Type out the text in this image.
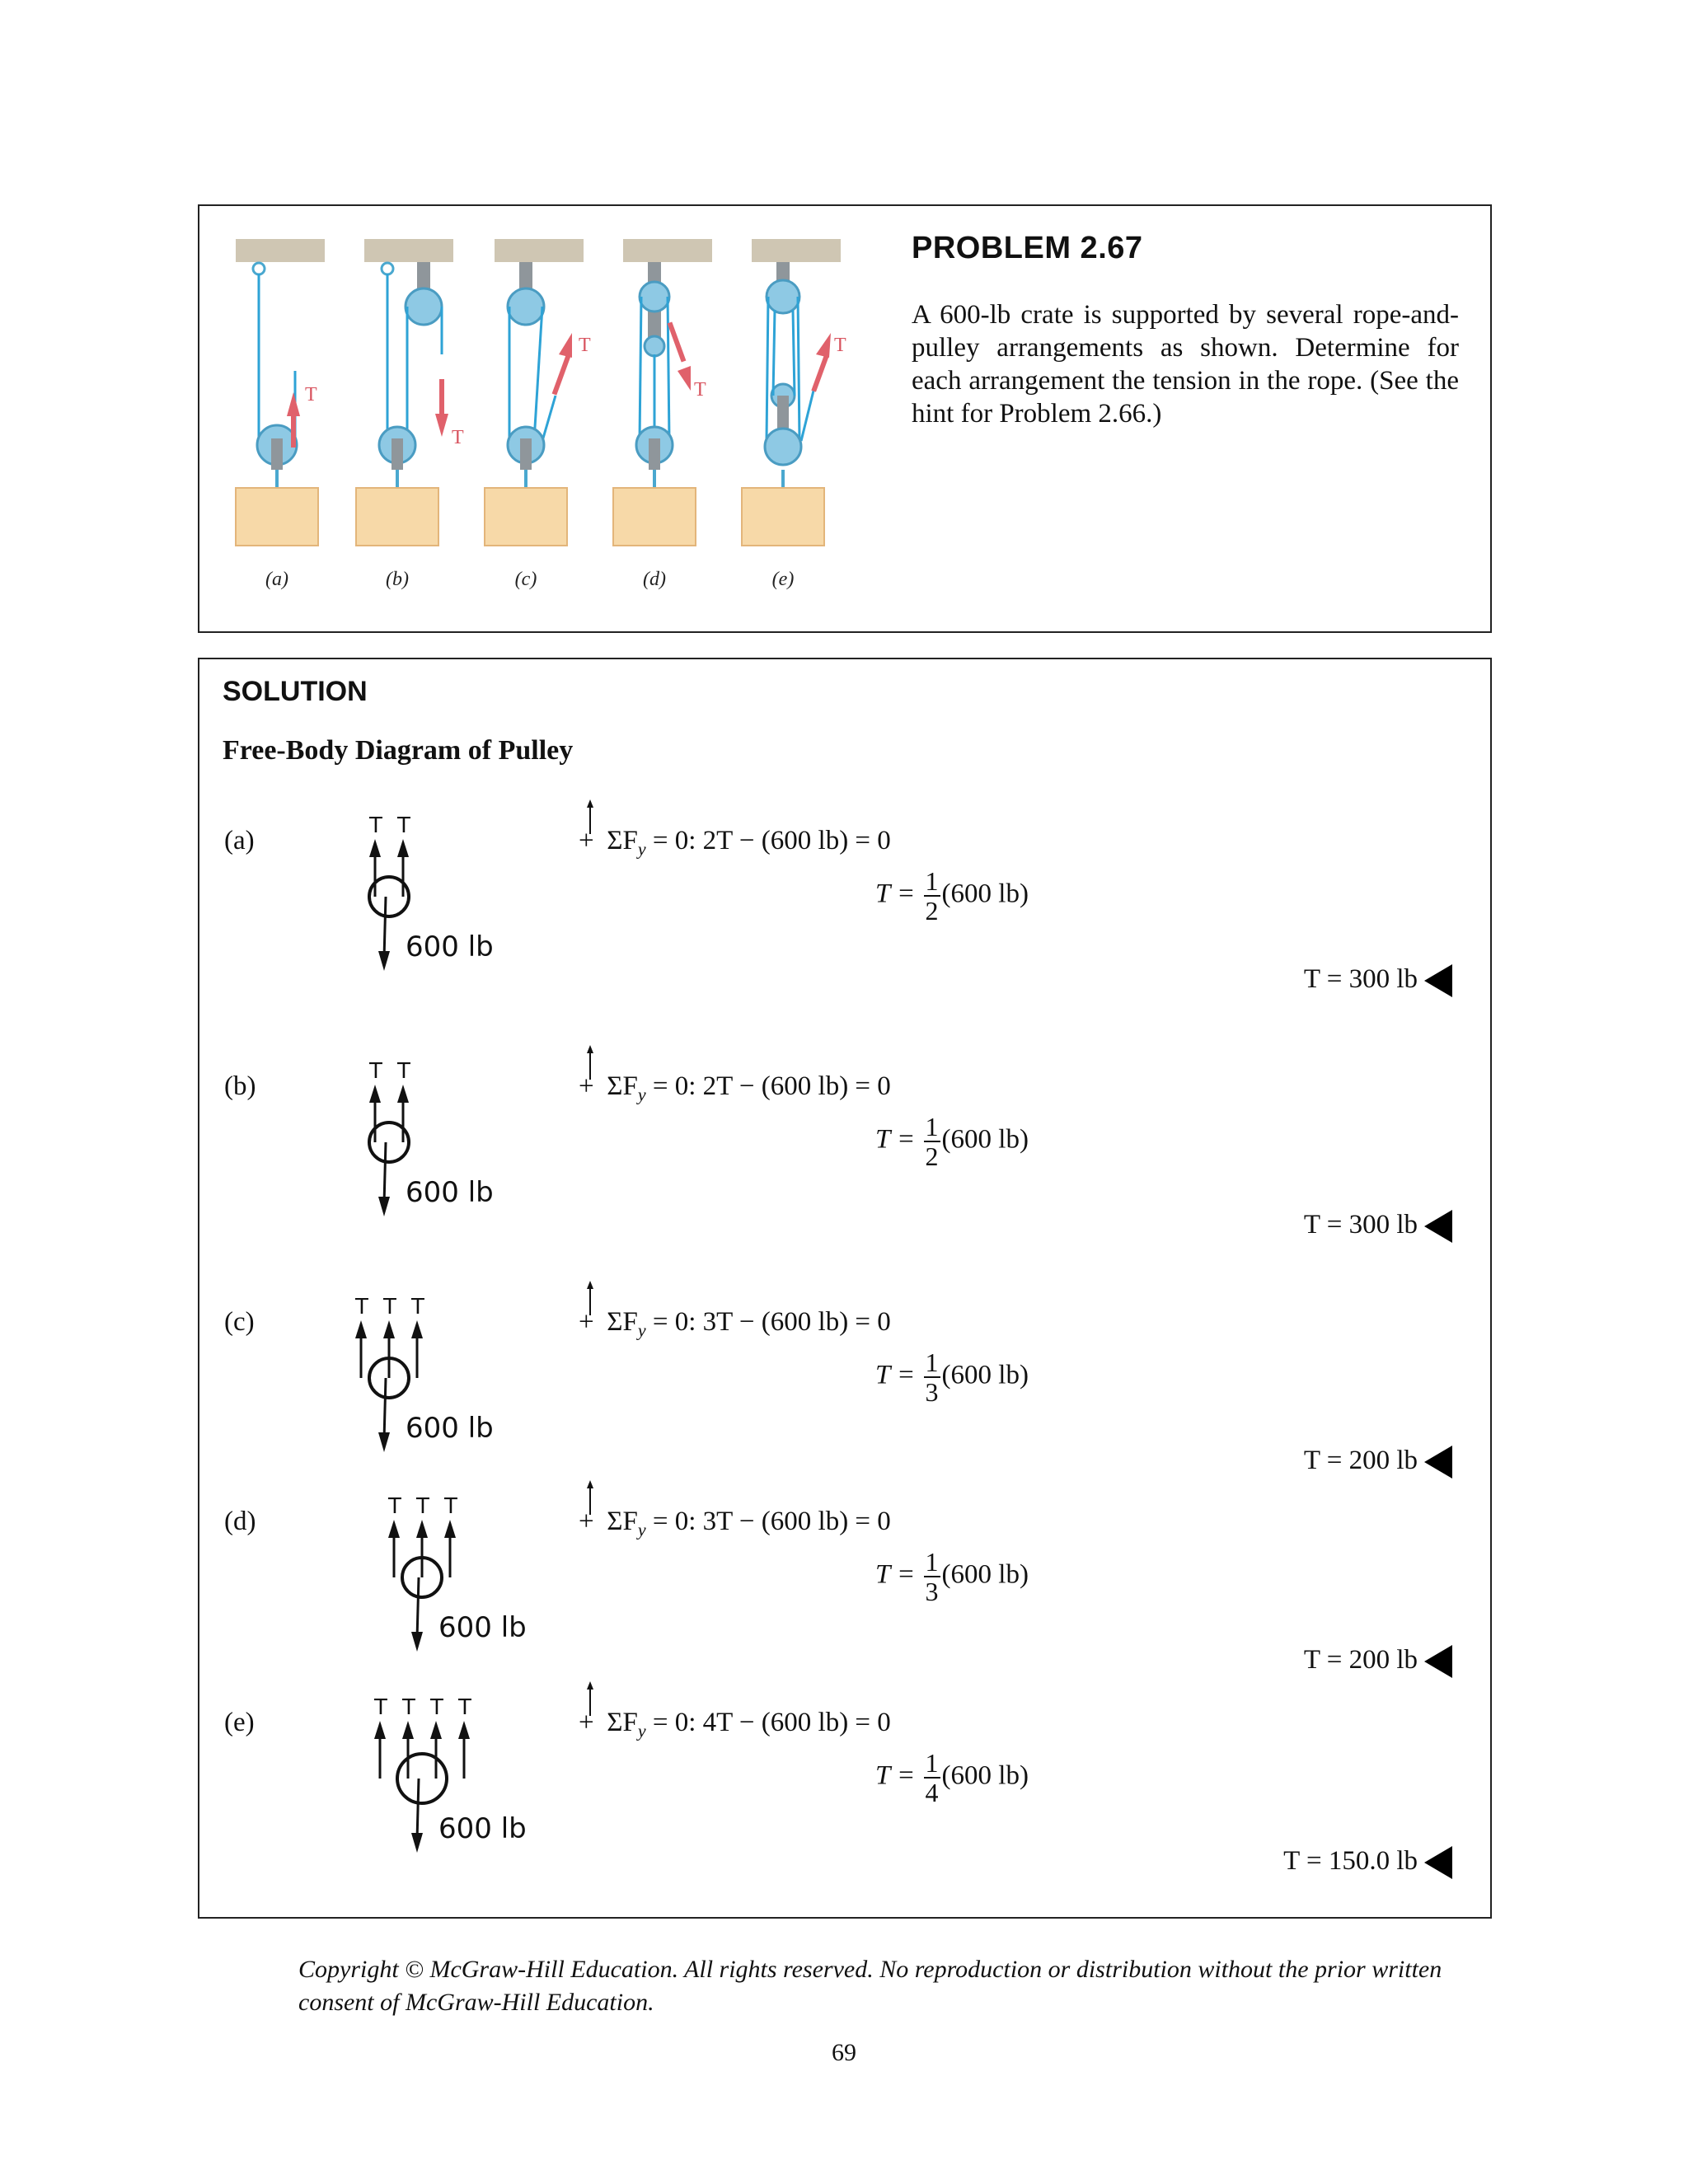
T
(a)
T
(b)
T
(c)
T
(d)
T
(e)
PROBLEM 2.67
A 600-lb crate is supported by several rope-and-pulley arrangements as shown. Determine for each arrangement the tension in the rope. (See the hint for Problem 2.66.)
SOLUTION
Free-Body Diagram of Pulley
(a)	T T
600 lb
+ $\Sigma F_y = 0$: 2T − (600 lb) = 0
$T = \frac{1}{2} (600$ lb)
T = 300 lb
(b)	T T
600 lb
+ $\Sigma F_y = 0$: 2T − (600 lb) = 0
$T = \frac{1}{2} (600$ lb)
T = 300 lb
(c)	T T T
600 lb
+ $\Sigma F_y = 0$: 3T − (600 lb) = 0
$T = \frac{1}{3} (600$ lb)
T = 200 lb
(d)	T T T
600 lb
+ $\Sigma F_y = 0$: 3T − (600 lb) = 0
$T = \frac{1}{3} (600$ lb)
T = 200 lb
(e)	T T T T
600 lb
+ $\Sigma F_y = 0$: 4T − (600 lb) = 0
$T = \frac{1}{4} (600$ lb)
T = 150.0 lb
Copyright © McGraw-Hill Education. All rights reserved. No reproduction or distribution without the prior written consent of McGraw-Hill Education.
69
